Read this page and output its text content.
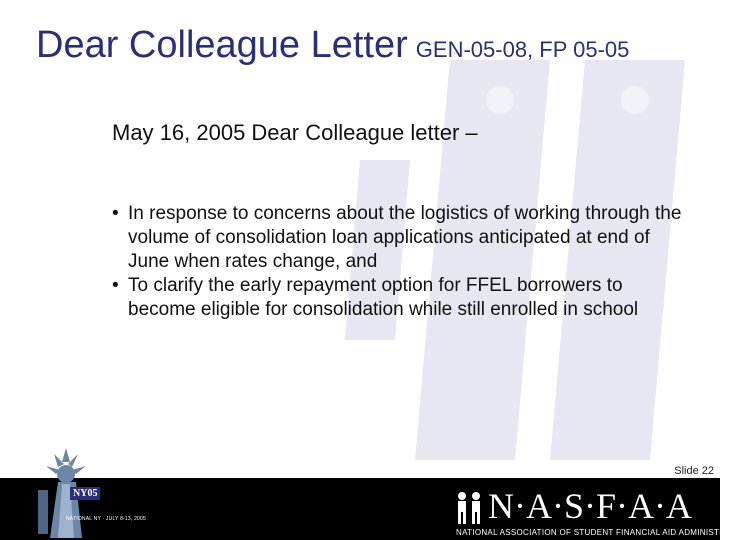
Dear Colleague Letter GEN-05-08, FP 05-05
May 16, 2005 Dear Colleague letter –
• In response to concerns about the logistics of working through the volume of consolidation loan applications anticipated at end of June when rates change, and
• To clarify the early repayment option for FFEL borrowers to become eligible for consolidation while still enrolled in school
Slide 22
NY05
NATIONAL NY · JULY 8-13, 2005	N·A·S·F·A·A
NATIONAL ASSOCIATION OF STUDENT FINANCIAL AID ADMINISTRATORS
